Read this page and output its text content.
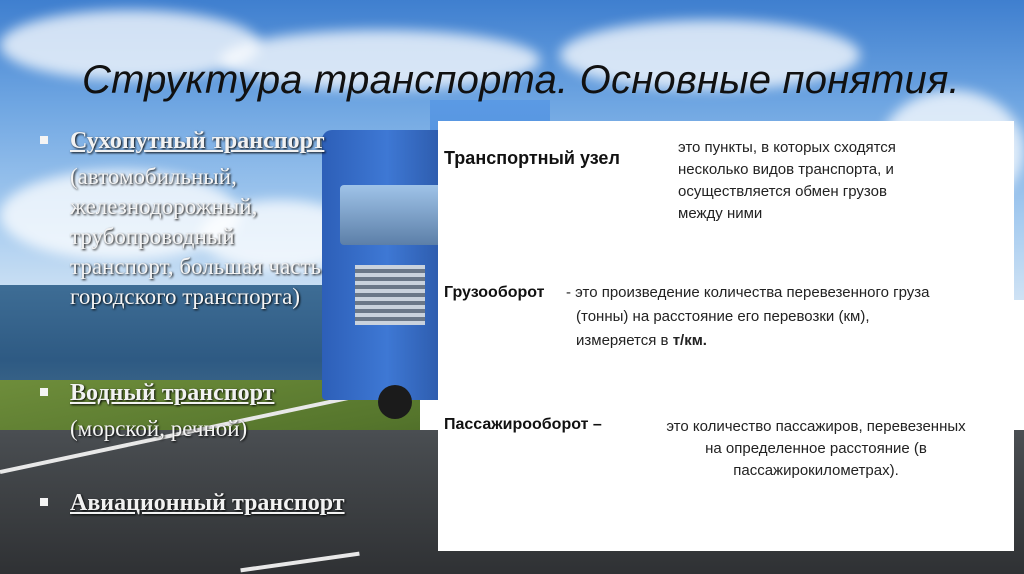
Структура транспорта. Основные понятия.
Сухопутный транспорт
(автомобильный,
железнодорожный,
трубопроводный
транспорт, большая часть
городского транспорта)
Водный транспорт
(морской, речной)
Авиационный транспорт
Транспортный узел
это пункты, в которых сходятся
несколько видов транспорта, и
осуществляется обмен грузов
между ними
Грузооборот - это произведение количества перевезенного груза
(тонны) на расстояние его перевозки (км),
измеряется в т/км.
Пассажирооборот –	это количество пассажиров, перевезенных
на определенное расстояние (в
пассажирокилометрах).
